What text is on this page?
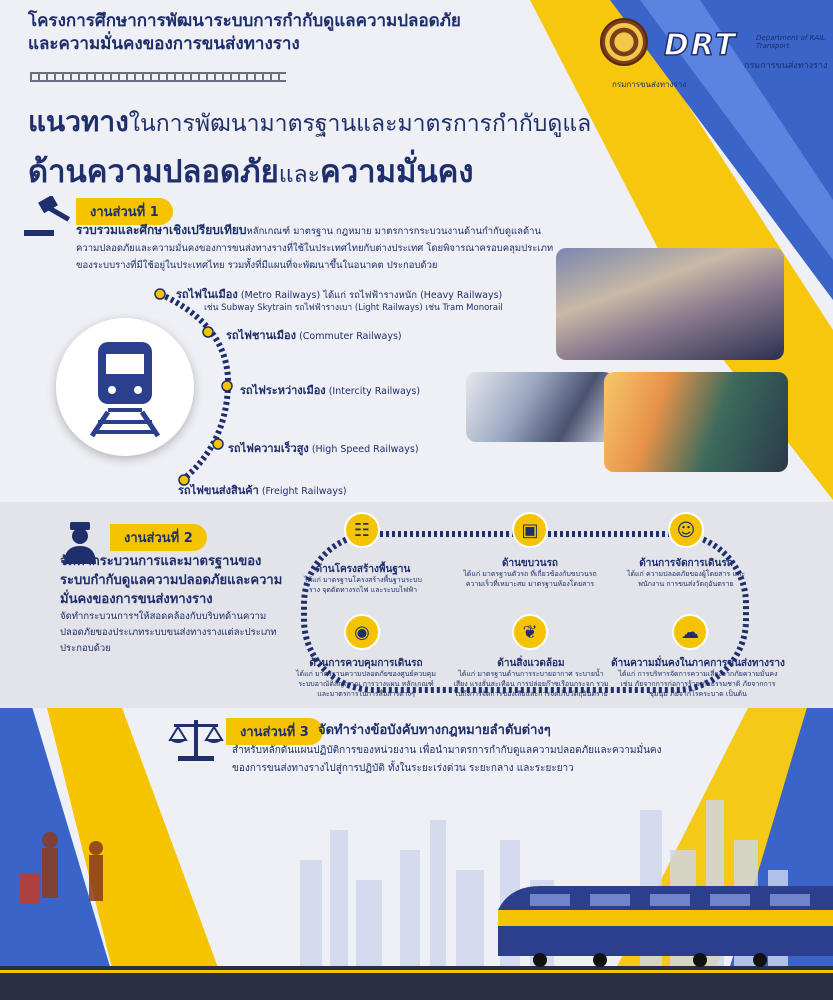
โครงการศึกษาการพัฒนาระบบการกำกับดูแลความปลอดภัย
และความมั่นคงของการขนส่งทางราง
กรมการขนส่งทางราง
DRT	Department of RAIL Transport
กรมการขนส่งทางราง
แนวทางในการพัฒนามาตรฐานและมาตรการกำกับดูแล
ด้านความปลอดภัยและความมั่นคง
งานส่วนที่ 1
รวบรวมและศึกษาเชิงเปรียบเทียบหลักเกณฑ์ มาตรฐาน กฎหมาย มาตรการกระบวนงานด้านกำกับดูแลด้าน
ความปลอดภัยและความมั่นคงของการขนส่งทางรางที่ใช้ในประเทศไทยกับต่างประเทศ โดยพิจารณาครอบคลุมประเภท
ของระบบรางที่มีใช้อยู่ในประเทศไทย รวมทั้งที่มีแผนที่จะพัฒนาขึ้นในอนาคต ประกอบด้วย
รถไฟในเมือง (Metro Railways) ได้แก่ รถไฟฟ้ารางหนัก (Heavy Railways)
เช่น Subway Skytrain รถไฟฟ้ารางเบา (Light Railways) เช่น Tram Monorail
รถไฟชานเมือง (Commuter Railways)
รถไฟระหว่างเมือง (Intercity Railways)
รถไฟความเร็วสูง (High Speed Railways)
รถไฟขนส่งสินค้า (Freight Railways)
งานส่วนที่ 2
จัดทำกระบวนการและมาตรฐานของระบบกำกับดูแลความปลอดภัยและความมั่นคงของการขนส่งทางราง
จัดทำกระบวนการฯให้สอดคล้องกับบริบทด้านความปลอดภัยของประเภทระบบขนส่งทางรางแต่ละประเภท ประกอบด้วย
☷
ด้านโครงสร้างพื้นฐาน
ได้แก่ มาตรฐานโครงสร้างพื้นฐานระบบราง จุดตัดทางรถไฟ และระบบไฟฟ้า
▣
ด้านขบวนรถ
ได้แก่ มาตรฐานตัวรถ ที่เกี่ยวข้องกับขบวนรถ ความเร็วที่เหมาะสม มาตรฐานห้องโดยสาร
☺
ด้านการจัดการเดินรถ
ได้แก่ ความปลอดภัยของผู้โดยสาร และพนักงาน การขนส่งวัตถุอันตราย
◉
ด้านการควบคุมการเดินรถ
ได้แก่ มาตรฐานความปลอดภัยของศูนย์ควบคุม ระบบอาณัติสัญญาณ การวางแผน หลักเกณฑ์ และมาตรการในการสื่อสารต่างๆ
❦
ด้านสิ่งแวดล้อม
ได้แก่ มาตรฐานด้านการระบายอากาศ ระบายน้ำ เสียง แรงสั่นสะเทือน การปล่อยก๊าซเรือนกระจก รวมไปถึงการจัดการของเสียและการจัดเก็บวัตถุอันตราย
☁
ด้านความมั่นคงในภาคการขนส่งทางราง
ได้แก่ การบริหารจัดการความเสี่ยงจากภัยความมั่นคง เช่น ภัยจากการก่อการร้าย ภัยธรรมชาติ ภัยจากการชุมนุม ภัยจากโรคระบาด เป็นต้น
งานส่วนที่ 3 จัดทำร่างข้อบังคับทางกฎหมายลำดับต่างๆ
สำหรับหลักดันแผนปฏิบัติการของหน่วยงาน เพื่อนำมาตรการกำกับดูแลความปลอดภัยและความมั่นคง
ของการขนส่งทางรางไปสู่การปฏิบัติ ทั้งในระยะเร่งด่วน ระยะกลาง และระยะยาว
